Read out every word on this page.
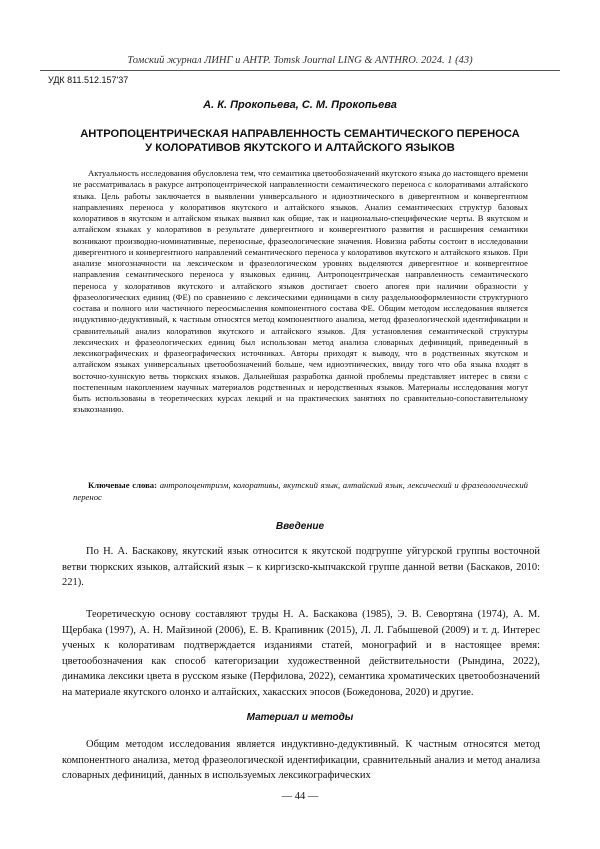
Томский журнал ЛИНГ и АНТР. Tomsk Journal LING & ANTHRO. 2024. 1 (43)
УДК 811.512.157'37
А. К. Прокопьева, С. М. Прокопьева
АНТРОПОЦЕНТРИЧЕСКАЯ НАПРАВЛЕННОСТЬ СЕМАНТИЧЕСКОГО ПЕРЕНОСА
У КОЛОРАТИВОВ ЯКУТСКОГО И АЛТАЙСКОГО ЯЗЫКОВ

Актуальность исследования обусловлена тем, что семантика цветообозначений якутского языка до настоящего времени не рассматривалась в ракурсе антропоцентрической направленности семантического переноса с колоративами алтайского языка. Цель работы заключается в выявлении универсального и идиоэтнического в дивергентном и конвергентном направлениях переноса у колоративов якутского и алтайского языков. Анализ семантических структур базовых колоративов в якутском и алтайском языках выявил как общие, так и национально-специфические черты. В якутском и алтайском языках у колоративов в результате дивергентного и конвергентного развития и расширения семантики возникают производно-номинативные, переносные, фразеологические значения. Новизна работы состоит в исследовании дивергентного и конвергентного направлений семантического переноса у колоративов якутского и алтайского языков. При анализе многозначности на лексическом и фразеологическом уровнях выделяются дивергентное и конвергентное направления семантического переноса у языковых единиц. Антропоцентрическая направленность семантического переноса у колоративов якутского и алтайского языков достигает своего апогея при наличии образности у фразеологических единиц (ФЕ) по сравнению с лексическими единицами в силу раздельнооформленности структурного состава и полного или частичного переосмысления компонентного состава ФЕ. Общим методом исследования является индуктивно-дедуктивный, к частным относятся метод компонентного анализа, метод фразеологической идентификации и сравнительный анализ колоративов якутского и алтайского языков. Для установления семантической структуры лексических и фразеологических единиц был использован метод анализа словарных дефиниций, приведенный в лексикографических и фразеографических источниках. Авторы приходят к выводу, что в родственных якутском и алтайском языках универсальных цветообозначений больше, чем идиоэтнических, ввиду того что оба языка входят в восточно-хуннскую ветвь тюркских языков. Дальнейшая разработка данной проблемы представляет интерес в связи с постепенным накоплением научных материалов родственных и неродственных языков. Материалы исследования могут быть использованы в теоретических курсах лекций и на практических занятиях по сравнительно-сопоставительному языкознанию.

Ключевые слова: антропоцентризм, колоративы, якутский язык, алтайский язык, лексический и фразеологический перенос

Введение

По Н. А. Баскакову, якутский язык относится к якутской подгруппе уйгурской группы восточной ветви тюркских языков, алтайский язык – к киргизско-кыпчакской группе данной ветви (Баскаков, 2010: 221).

Теоретическую основу составляют труды Н. А. Баскакова (1985), Э. В. Севортяна (1974), А. М. Щербака (1997), А. Н. Майзиной (2006), Е. В. Крапивник (2015), Л. Л. Габышевой (2009) и т. д. Интерес ученых к колоративам подтверждается изданиями статей, монографий и в настоящее время: цветообозначения как способ категоризации художественной действительности (Рындина, 2022), динамика лексики цвета в русском языке (Перфилова, 2022), семантика хроматических цветообозначений на материале якутского олонхо и алтайских, хакасских эпосов (Божедонова, 2020) и другие.

Материал и методы

Общим методом исследования является индуктивно-дедуктивный. К частным относятся метод компонентного анализа, метод фразеологической идентификации, сравнительный анализ и метод анализа словарных дефиниций, данных в используемых лексикографических

— 44 —
